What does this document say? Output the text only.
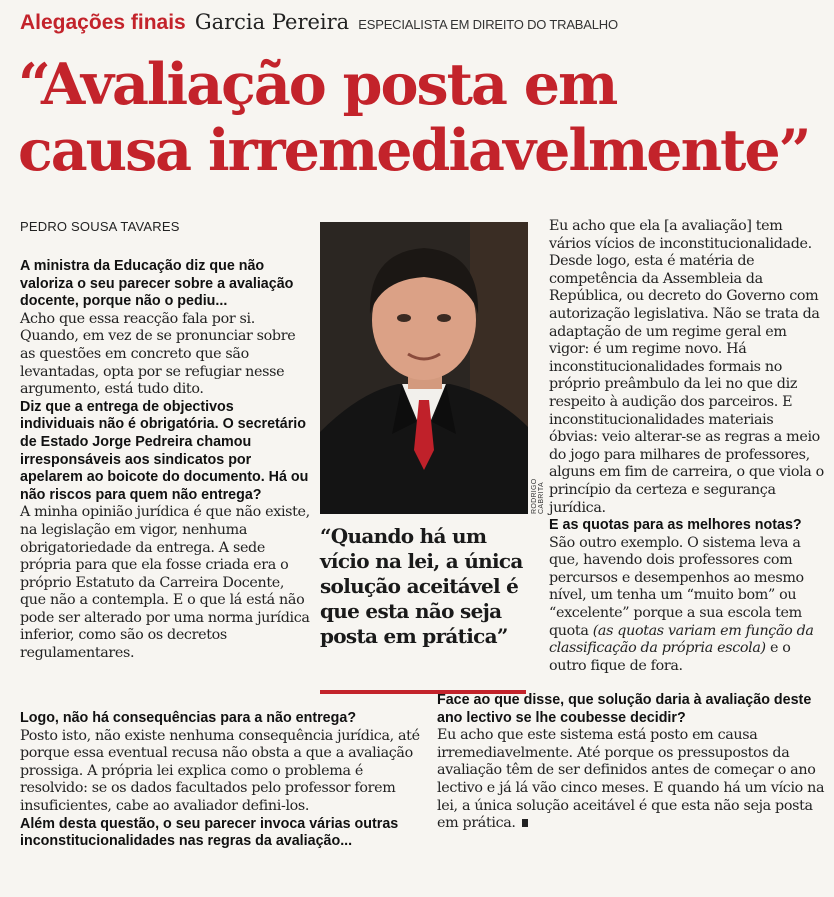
Alegações finais Garcia Pereira ESPECIALISTA EM DIREITO DO TRABALHO
“Avaliação posta em
causa irremediavelmente”
PEDRO SOUSA TAVARES

A ministra da Educação diz que não valoriza o seu parecer sobre a avaliação docente, porque não o pediu...

Acho que essa reacção fala por si. Quando, em vez de se pronunciar sobre as questões em concreto que são levantadas, opta por se refugiar nesse argumento, está tudo dito.

Diz que a entrega de objectivos individuais não é obrigatória. O secretário de Estado Jorge Pedreira chamou irresponsáveis aos sindicatos por apelarem ao boicote do documento. Há ou não riscos para quem não entrega?

A minha opinião jurídica é que não existe, na legislação em vigor, nenhuma obrigatoriedade da entrega. A sede própria para que ela fosse criada era o próprio Estatuto da Carreira Docente, que não a contempla. E o que lá está não pode ser alterado por uma norma jurídica inferior, como são os decretos regulamentares.

Logo, não há consequências para a não entrega?

Posto isto, não existe nenhuma consequência jurídica, até porque essa eventual recusa não obsta a que a avaliação prossiga. A própria lei explica como o problema é resolvido: se os dados facultados pelo professor forem insuficientes, cabe ao avaliador defini-los.

Além desta questão, o seu parecer invoca várias outras inconstitucionalidades nas regras da avaliação...

RODRIGO CABRITA
“Quando há um vício na lei, a única solução aceitável é que esta não seja posta em prática”

Eu acho que ela [a avaliação] tem vários vícios de inconstitucionalidade. Desde logo, esta é matéria de competência da Assembleia da República, ou decreto do Governo com autorização legislativa. Não se trata da adaptação de um regime geral em vigor: é um regime novo. Há inconstitucionalidades formais no próprio preâmbulo da lei no que diz respeito à audição dos parceiros. E inconstitucionalidades materiais óbvias: veio alterar-se as regras a meio do jogo para milhares de professores, alguns em fim de carreira, o que viola o princípio da certeza e segurança jurídica.

E as quotas para as melhores notas?

São outro exemplo. O sistema leva a que, havendo dois professores com percursos e desempenhos ao mesmo nível, um tenha um “muito bom” ou “excelente” porque a sua escola tem quota (as quotas variam em função da classificação da própria escola) e o outro fique de fora.

Face ao que disse, que solução daria à avaliação deste ano lectivo se lhe coubesse decidir?

Eu acho que este sistema está posto em causa irremediavelmente. Até porque os pressupostos da avaliação têm de ser definidos antes de começar o ano lectivo e já lá vão cinco meses. E quando há um vício na lei, a única solução aceitável é que esta não seja posta em prática.
